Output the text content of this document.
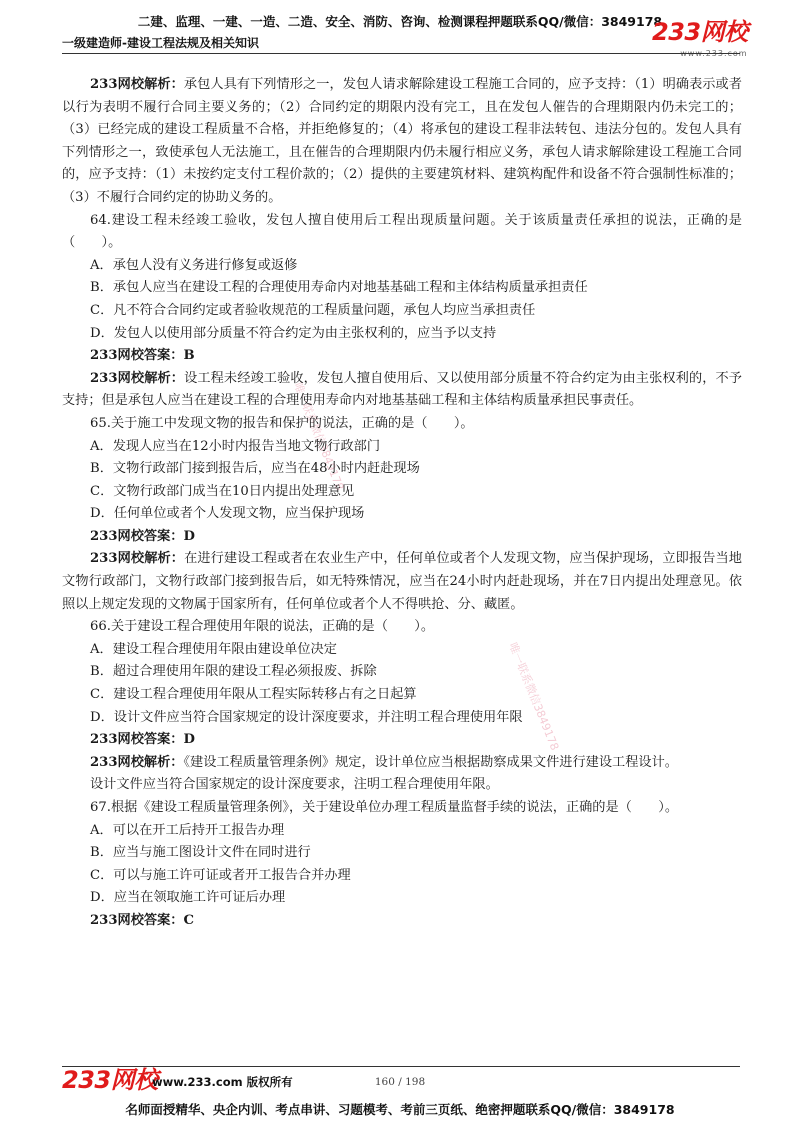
二建、监理、一建、一造、二造、安全、消防、咨询、检测课程押题联系QQ/微信：3849178
一级建造师-建设工程法规及相关知识	233网校
www.233.com
唯一联系微信3849178
唯一联系微信3849178

233网校解析：承包人具有下列情形之一，发包人请求解除建设工程施工合同的，应予支持：（1）明确表示或者以行为表明不履行合同主要义务的；（2）合同约定的期限内没有完工，且在发包人催告的合理期限内仍未完工的；（3）已经完成的建设工程质量不合格，并拒绝修复的；（4）将承包的建设工程非法转包、违法分包的。发包人具有下列情形之一，致使承包人无法施工，且在催告的合理期限内仍未履行相应义务，承包人请求解除建设工程施工合同的，应予支持：（1）未按约定支付工程价款的；（2）提供的主要建筑材料、建筑构配件和设备不符合强制性标准的；（3）不履行合同约定的协助义务的。

64.建设工程未经竣工验收，发包人擅自使用后工程出现质量问题。关于该质量责任承担的说法，正确的是（　　）。

A．承包人没有义务进行修复或返修

B．承包人应当在建设工程的合理使用寿命内对地基基础工程和主体结构质量承担责任

C．凡不符合合同约定或者验收规范的工程质量问题，承包人均应当承担责任

D．发包人以使用部分质量不符合约定为由主张权利的，应当予以支持

233网校答案：B

233网校解析：设工程未经竣工验收，发包人擅自使用后、又以使用部分质量不符合约定为由主张权利的，不予支持；但是承包人应当在建设工程的合理使用寿命内对地基基础工程和主体结构质量承担民事责任。

65.关于施工中发现文物的报告和保护的说法，正确的是（　　）。

A．发现人应当在12小时内报告当地文物行政部门

B．文物行政部门接到报告后，应当在48小时内赶赴现场

C．文物行政部门成当在10日内提出处理意见

D．任何单位或者个人发现文物，应当保护现场

233网校答案：D

233网校解析：在进行建设工程或者在农业生产中，任何单位或者个人发现文物，应当保护现场，立即报告当地文物行政部门，文物行政部门接到报告后，如无特殊情况，应当在24小时内赶赴现场，并在7日内提出处理意见。依照以上规定发现的文物属于国家所有，任何单位或者个人不得哄抢、分、藏匿。

66.关于建设工程合理使用年限的说法，正确的是（　　）。

A．建设工程合理使用年限由建设单位决定

B．超过合理使用年限的建设工程必须报废、拆除

C．建设工程合理使用年限从工程实际转移占有之日起算

D．设计文件应当符合国家规定的设计深度要求，并注明工程合理使用年限

233网校答案：D

233网校解析：《建设工程质量管理条例》规定，设计单位应当根据勘察成果文件进行建设工程设计。

设计文件应当符合国家规定的设计深度要求，注明工程合理使用年限。

67.根据《建设工程质量管理条例》，关于建设单位办理工程质量监督手续的说法，正确的是（　　）。

A．可以在开工后持开工报告办理

B．应当与施工图设计文件在同时进行

C．可以与施工许可证或者开工报告合并办理

D．应当在领取施工许可证后办理

233网校答案：C

233网校
www.233.com 版权所有	160 / 198
名师面授精华、央企内训、考点串讲、习题模考、考前三页纸、绝密押题联系QQ/微信：3849178
